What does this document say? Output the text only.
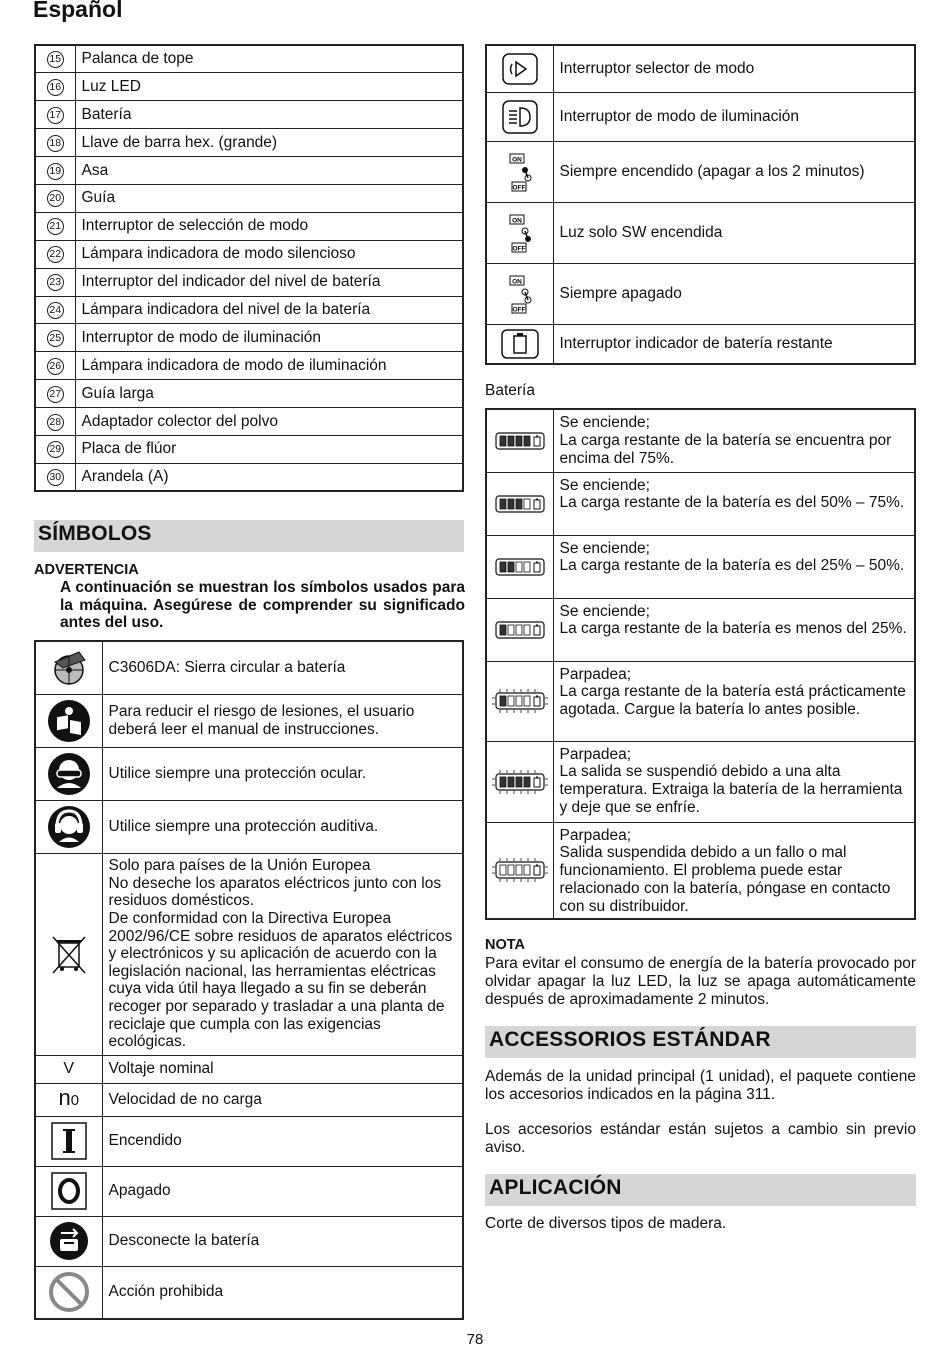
Español
15	Palanca de tope
16	Luz LED
17	Batería
18	Llave de barra hex. (grande)
19	Asa
20	Guía
21	Interruptor de selección de modo
22	Lámpara indicadora de modo silencioso
23	Interruptor del indicador del nivel de batería
24	Lámpara indicadora del nivel de la batería
25	Interruptor de modo de iluminación
26	Lámpara indicadora de modo de iluminación
27	Guía larga
28	Adaptador colector del polvo
29	Placa de flúor
30	Arandela (A)
SÍMBOLOS
ADVERTENCIA
A continuación se muestran los símbolos usados para la máquina. Asegúrese de comprender su significado antes del uso.
	C3606DA: Sierra circular a batería

	Para reducir el riesgo de lesiones, el usuario deberá leer el manual de instrucciones.

	Utilice siempre una protección ocular.

	Utilice siempre una protección auditiva.

Solo para países de la Unión Europea
No deseche los aparatos eléctricos junto con los residuos domésticos.
De conformidad con la Directiva Europea 2002/96/CE sobre residuos de aparatos eléctricos y electrónicos y su aplicación de acuerdo con la legislación nacional, las herramientas eléctricas cuya vida útil haya llegado a su fin se deberán recoger por separado y trasladar a una planta de reciclaje que cumpla con las exigencias ecológicas.

V	Voltaje nominal
n0	Velocidad de no carga

	Encendido

	Apagado

	Desconecte la batería

	Acción prohibida
	Interruptor selector de modo

	Interruptor de modo de iluminación

ON
OFF	Siempre encendido (apagar a los 2 minutos)

ON
OFF	Luz solo SW encendida

ON
OFF	Siempre apagado

	Interruptor indicador de batería restante
Batería

Se enciende;
La carga restante de la batería se encuentra por encima del 75%.

Se enciende;
La carga restante de la batería es del 50% – 75%.

Se enciende;
La carga restante de la batería es del 25% – 50%.

Se enciende;
La carga restante de la batería es menos del 25%.

Parpadea;
La carga restante de la batería está prácticamente agotada. Cargue la batería lo antes posible.

Parpadea;
La salida se suspendió debido a una alta temperatura. Extraiga la batería de la herramienta y deje que se enfríe.

Parpadea;
Salida suspendida debido a un fallo o mal funcionamiento. El problema puede estar relacionado con la batería, póngase en contacto con su distribuidor.
NOTA
Para evitar el consumo de energía de la batería provocado por olvidar apagar la luz LED, la luz se apaga automáticamente después de aproximadamente 2 minutos.
ACCESSORIOS ESTÁNDAR
Además de la unidad principal (1 unidad), el paquete contiene los accesorios indicados en la página 311.
Los accesorios estándar están sujetos a cambio sin previo aviso.
APLICACIÓN
Corte de diversos tipos de madera.
78
